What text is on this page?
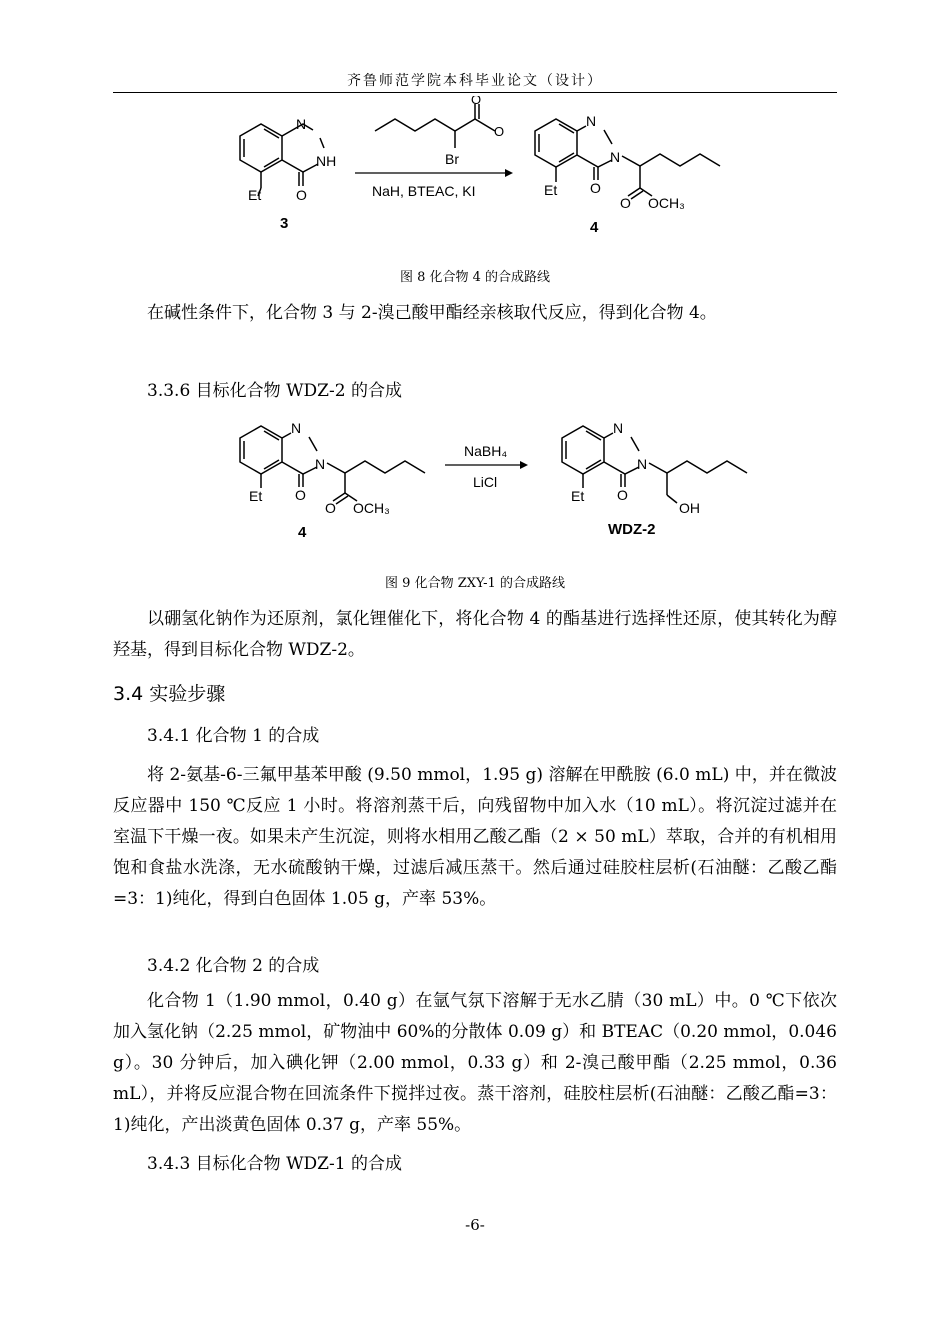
齐鲁师范学院本科毕业论文（设计）
N
NH
O
Et
3
O
O
Br
NaH, BTEAC, KI
N
N
O
Et
O OCH₃
4
图 8 化合物 4 的合成路线
在碱性条件下，化合物 3 与 2-溴己酸甲酯经亲核取代反应，得到化合物 4。
3.3.6 目标化合物 WDZ-2 的合成
N
N
O
Et
O OCH₃
4
NaBH₄
LiCl
N
N
O
Et
OH
WDZ-2
图 9 化合物 ZXY-1 的合成路线
以硼氢化钠作为还原剂，氯化锂催化下，将化合物 4 的酯基进行选择性还原，使其转化为醇羟基，得到目标化合物 WDZ-2。
3.4 实验步骤
3.4.1 化合物 1 的合成
将 2-氨基-6-三氟甲基苯甲酸 (9.50 mmol，1.95 g) 溶解在甲酰胺 (6.0 mL) 中，并在微波反应器中 150 ℃反应 1 小时。将溶剂蒸干后，向残留物中加入水（10 mL）。将沉淀过滤并在室温下干燥一夜。如果未产生沉淀，则将水相用乙酸乙酯（2 × 50 mL）萃取，合并的有机相用饱和食盐水洗涤，无水硫酸钠干燥，过滤后减压蒸干。然后通过硅胶柱层析(石油醚：乙酸乙酯=3：1)纯化，得到白色固体 1.05 g，产率 53%。
3.4.2 化合物 2 的合成
化合物 1（1.90 mmol，0.40 g）在氩气氛下溶解于无水乙腈（30 mL）中。0 ℃下依次加入氢化钠（2.25 mmol，矿物油中 60%的分散体 0.09 g）和 BTEAC（0.20 mmol，0.046 g）。30 分钟后，加入碘化钾（2.00 mmol，0.33 g）和 2-溴己酸甲酯（2.25 mmol，0.36 mL），并将反应混合物在回流条件下搅拌过夜。蒸干溶剂，硅胶柱层析(石油醚：乙酸乙酯=3：1)纯化，产出淡黄色固体 0.37 g，产率 55%。
3.4.3 目标化合物 WDZ-1 的合成
-6-
